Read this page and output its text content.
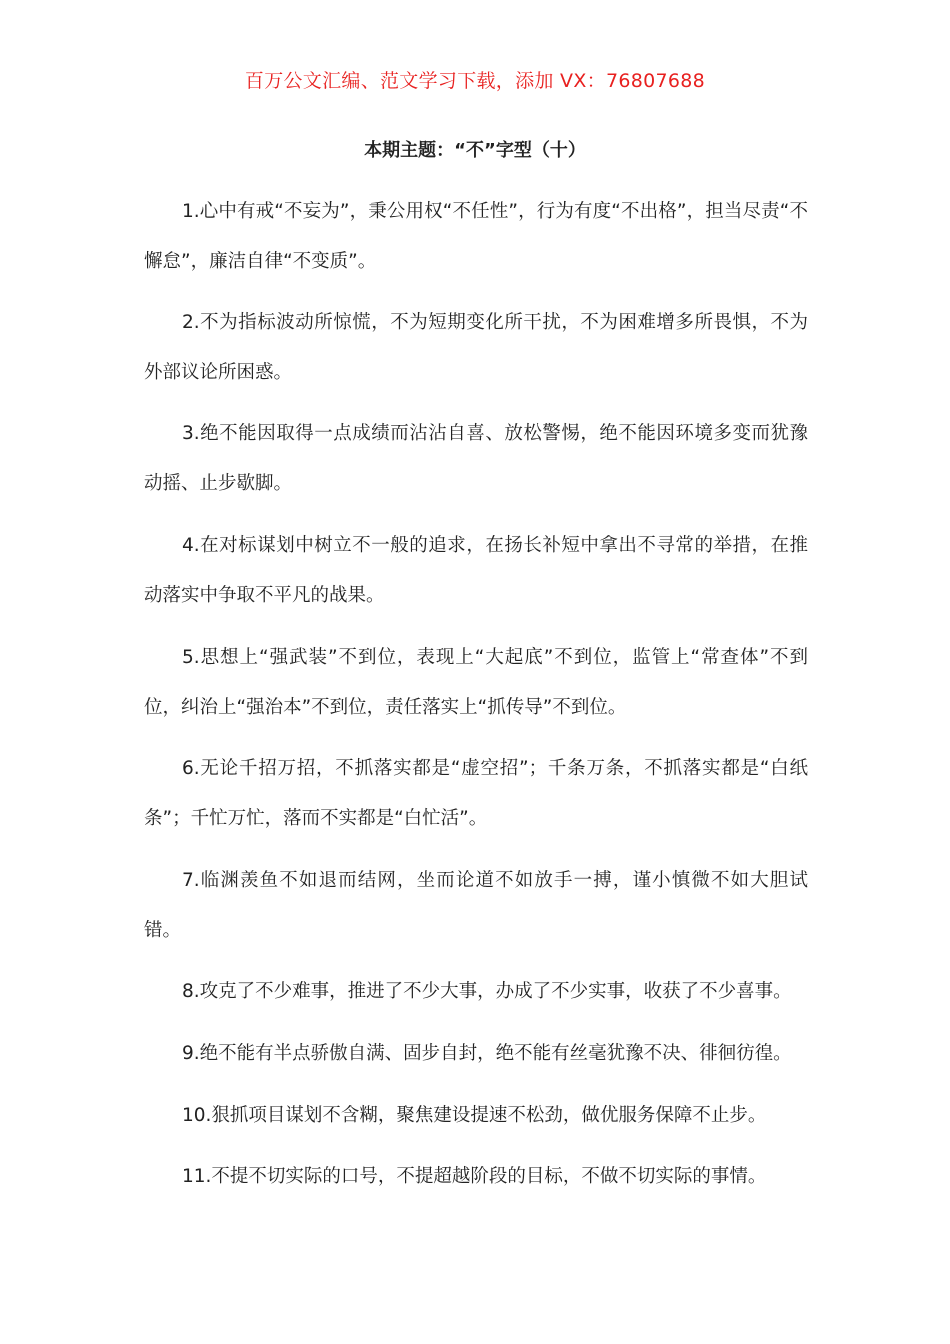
百万公文汇编、范文学习下载，添加 VX：76807688
本期主题：“不”字型（十）

1.心中有戒“不妄为”，秉公用权“不任性”，行为有度“不出格”，担当尽责“不懈怠”，廉洁自律“不变质”。

2.不为指标波动所惊慌，不为短期变化所干扰，不为困难增多所畏惧，不为外部议论所困惑。

3.绝不能因取得一点成绩而沾沾自喜、放松警惕，绝不能因环境多变而犹豫动摇、止步歇脚。

4.在对标谋划中树立不一般的追求，在扬长补短中拿出不寻常的举措，在推动落实中争取不平凡的战果。

5.思想上“强武装”不到位，表现上“大起底”不到位，监管上“常查体”不到位，纠治上“强治本”不到位，责任落实上“抓传导”不到位。

6.无论千招万招，不抓落实都是“虚空招”；千条万条，不抓落实都是“白纸条”；千忙万忙，落而不实都是“白忙活”。

7.临渊羡鱼不如退而结网，坐而论道不如放手一搏，谨小慎微不如大胆试错。

8.攻克了不少难事，推进了不少大事，办成了不少实事，收获了不少喜事。

9.绝不能有半点骄傲自满、固步自封，绝不能有丝毫犹豫不决、徘徊彷徨。

10.狠抓项目谋划不含糊，聚焦建设提速不松劲，做优服务保障不止步。

11.不提不切实际的口号，不提超越阶段的目标，不做不切实际的事情。
